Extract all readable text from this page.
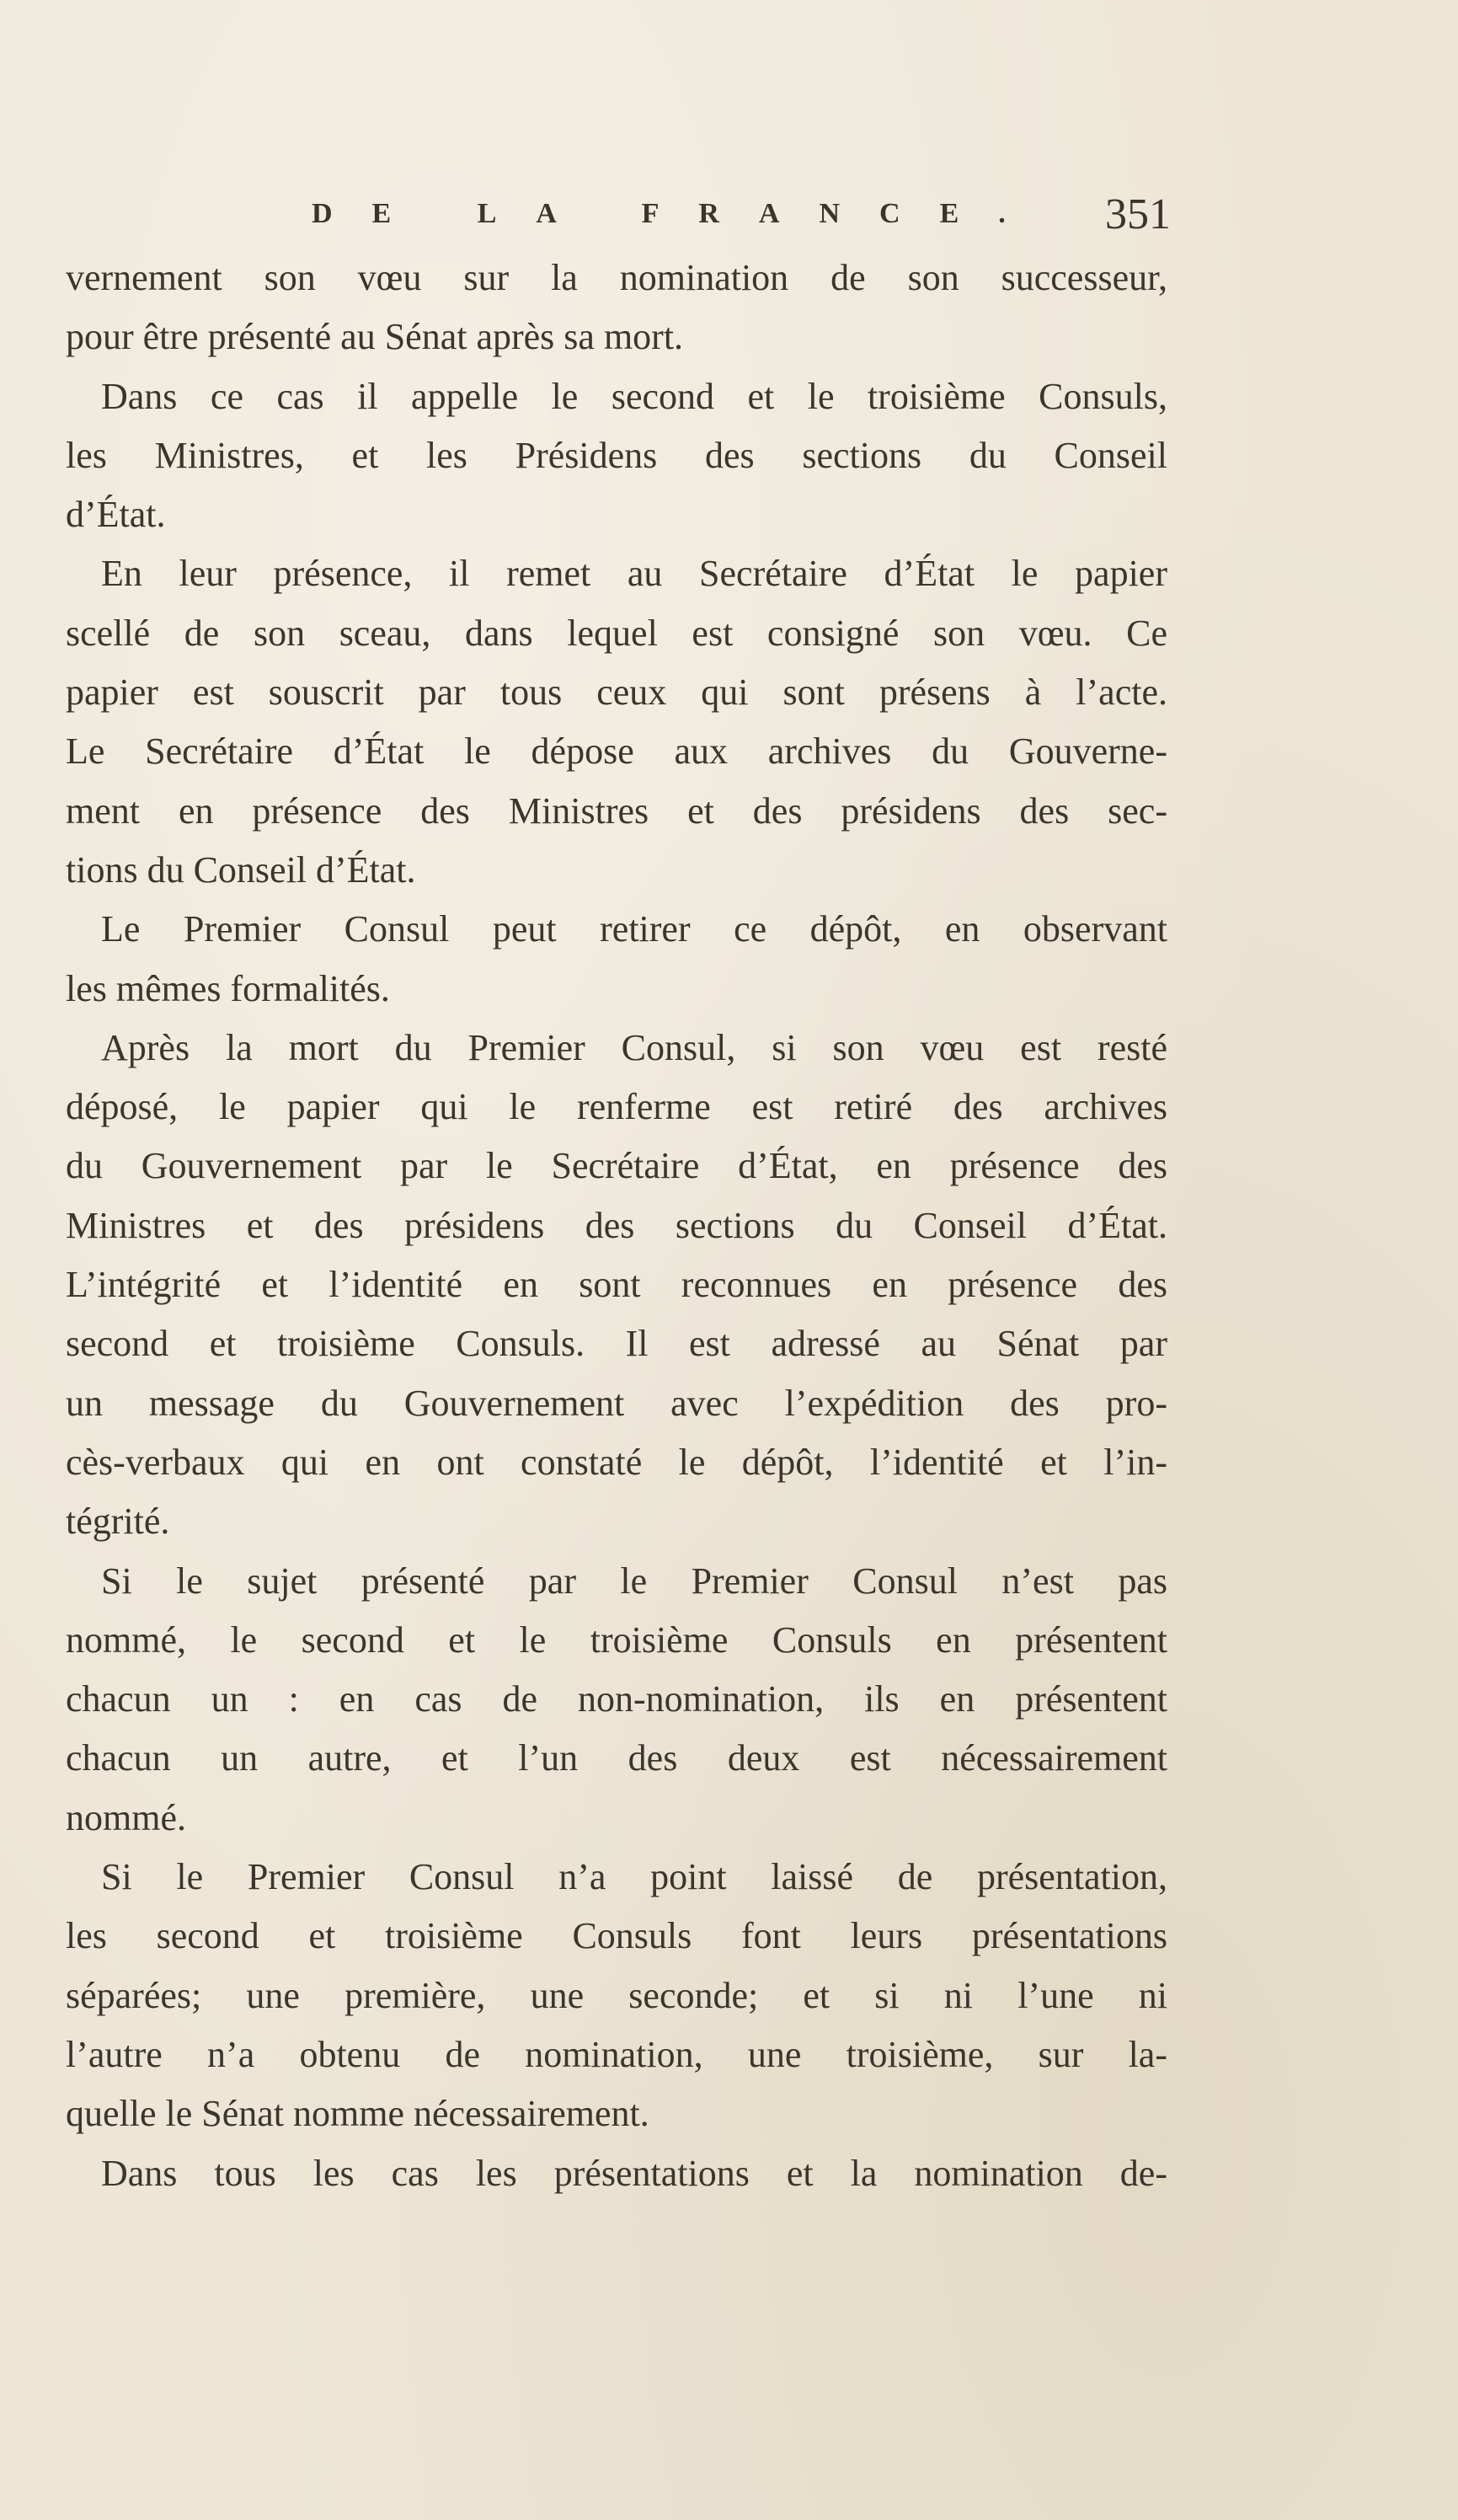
DE LA FRANCE. 351
vernement son vœu sur la nomination de son successeur,
pour être présenté au Sénat après sa mort.
Dans ce cas il appelle le second et le troisième Consuls,
les Ministres, et les Présidens des sections du Conseil
d’État.
En leur présence, il remet au Secrétaire d’État le papier
scellé de son sceau, dans lequel est consigné son vœu. Ce
papier est souscrit par tous ceux qui sont présens à l’acte.
Le Secrétaire d’État le dépose aux archives du Gouverne-
ment en présence des Ministres et des présidens des sec-
tions du Conseil d’État.
Le Premier Consul peut retirer ce dépôt, en observant
les mêmes formalités.
Après la mort du Premier Consul, si son vœu est resté
déposé, le papier qui le renferme est retiré des archives
du Gouvernement par le Secrétaire d’État, en présence des
Ministres et des présidens des sections du Conseil d’État.
L’intégrité et l’identité en sont reconnues en présence des
second et troisième Consuls. Il est adressé au Sénat par
un message du Gouvernement avec l’expédition des pro-
cès-verbaux qui en ont constaté le dépôt, l’identité et l’in-
tégrité.
Si le sujet présenté par le Premier Consul n’est pas
nommé, le second et le troisième Consuls en présentent
chacun un : en cas de non-nomination, ils en présentent
chacun un autre, et l’un des deux est nécessairement
nommé.
Si le Premier Consul n’a point laissé de présentation,
les second et troisième Consuls font leurs présentations
séparées; une première, une seconde; et si ni l’une ni
l’autre n’a obtenu de nomination, une troisième, sur la-
quelle le Sénat nomme nécessairement.
Dans tous les cas les présentations et la nomination de-
